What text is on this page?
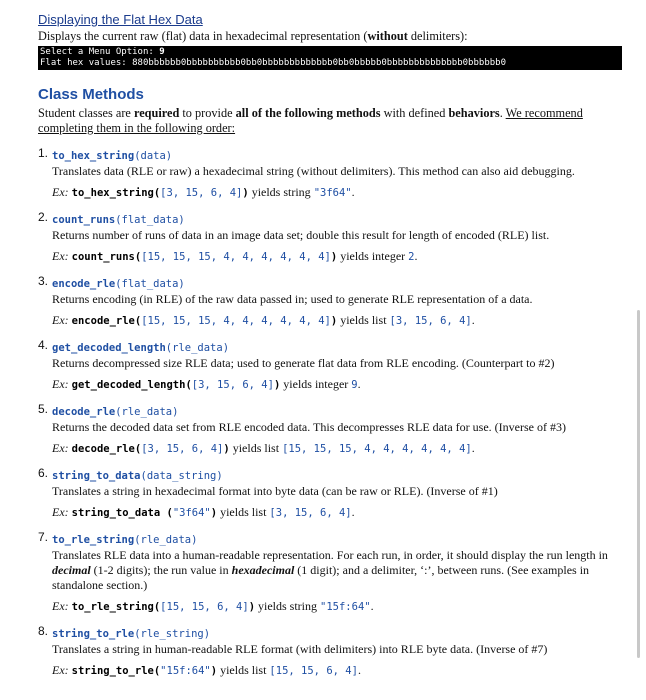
Displaying the Flat Hex Data
Displays the current raw (flat) data in hexadecimal representation (without delimiters):
Select a Menu Option: 9
Flat hex values: 880bbbbbb0bbbbbbbbbb0bb0bbbbbbbbbbbbb0bb0bbbbb0bbbbbbbbbbbbbb0bbbbbb0
Class Methods
Student classes are required to provide all of the following methods with defined behaviors. We recommend completing them in the following order:
1. to_hex_string(data)
Translates data (RLE or raw) a hexadecimal string (without delimiters). This method can also aid debugging.
Ex: to_hex_string([3, 15, 6, 4]) yields string "3f64".
2. count_runs(flat_data)
Returns number of runs of data in an image data set; double this result for length of encoded (RLE) list.
Ex: count_runs([15, 15, 15, 4, 4, 4, 4, 4, 4]) yields integer 2.
3. encode_rle(flat_data)
Returns encoding (in RLE) of the raw data passed in; used to generate RLE representation of a data.
Ex: encode_rle([15, 15, 15, 4, 4, 4, 4, 4, 4]) yields list [3, 15, 6, 4].
4. get_decoded_length(rle_data)
Returns decompressed size RLE data; used to generate flat data from RLE encoding. (Counterpart to #2)
Ex: get_decoded_length([3, 15, 6, 4]) yields integer 9.
5. decode_rle(rle_data)
Returns the decoded data set from RLE encoded data. This decompresses RLE data for use. (Inverse of #3)
Ex: decode_rle([3, 15, 6, 4]) yields list [15, 15, 15, 4, 4, 4, 4, 4, 4].
6. string_to_data(data_string)
Translates a string in hexadecimal format into byte data (can be raw or RLE). (Inverse of #1)
Ex: string_to_data ("3f64") yields list [3, 15, 6, 4].
7. to_rle_string(rle_data)
Translates RLE data into a human-readable representation. For each run, in order, it should display the run length in decimal (1-2 digits); the run value in hexadecimal (1 digit); and a delimiter, ‘:’, between runs. (See examples in standalone section.)
Ex: to_rle_string([15, 15, 6, 4]) yields string "15f:64".
8. string_to_rle(rle_string)
Translates a string in human-readable RLE format (with delimiters) into RLE byte data. (Inverse of #7)
Ex: string_to_rle("15f:64") yields list [15, 15, 6, 4].
